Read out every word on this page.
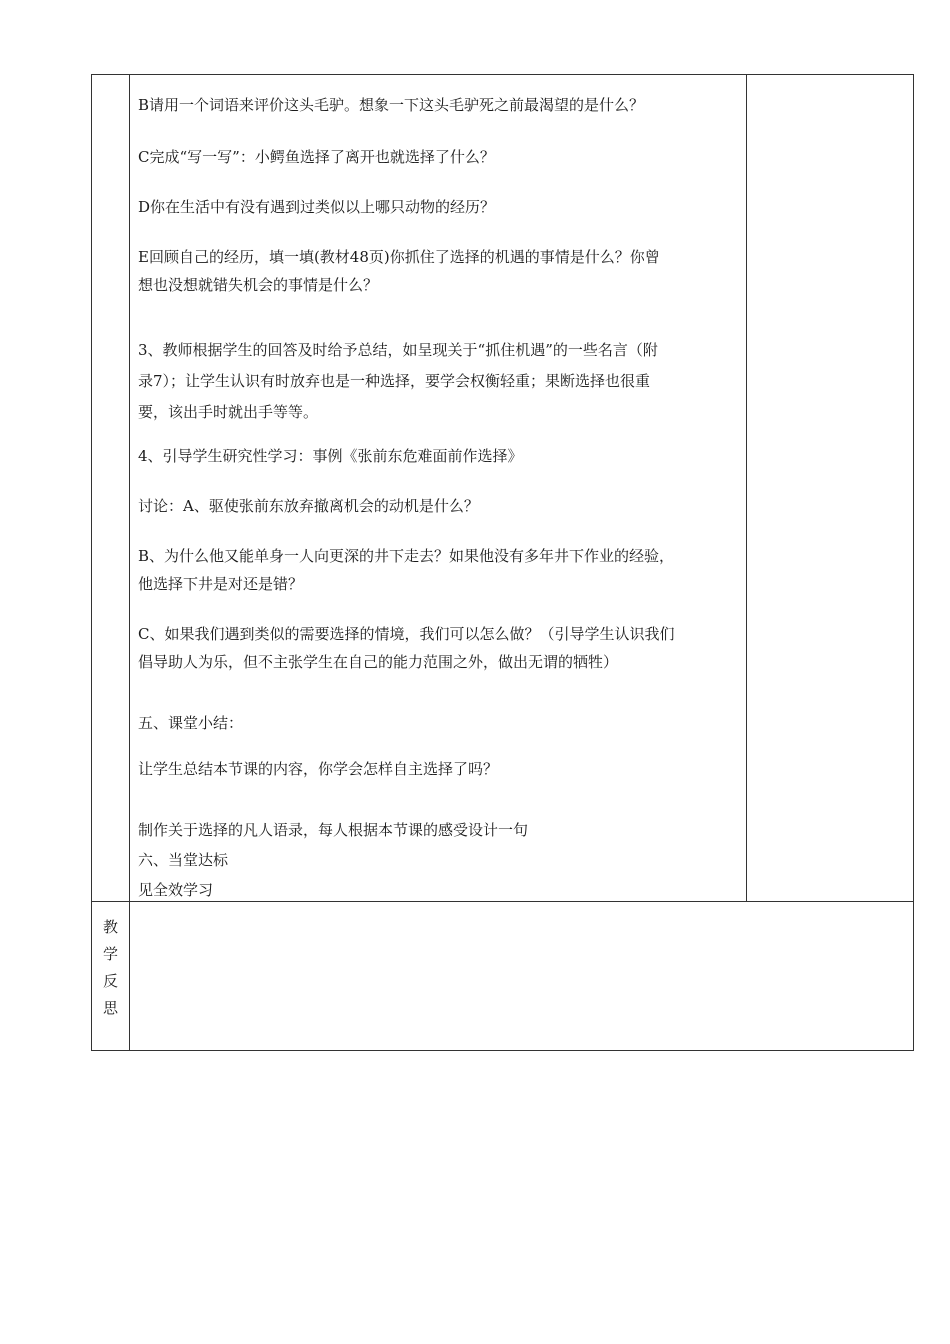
B请用一个词语来评价这头毛驴。想象一下这头毛驴死之前最渴望的是什么？

C完成“写一写”：小鳄鱼选择了离开也就选择了什么？

D你在生活中有没有遇到过类似以上哪只动物的经历？

E回顾自己的经历，填一填(教材48页)你抓住了选择的机遇的事情是什么？你曾

想也没想就错失机会的事情是什么？

3、教师根据学生的回答及时给予总结，如呈现关于“抓住机遇”的一些名言（附

录7）；让学生认识有时放弃也是一种选择，要学会权衡轻重；果断选择也很重

要，该出手时就出手等等。

4、引导学生研究性学习：事例《张前东危难面前作选择》

讨论：A、驱使张前东放弃撤离机会的动机是什么？

B、为什么他又能单身一人向更深的井下走去？如果他没有多年井下作业的经验，

他选择下井是对还是错？

C、如果我们遇到类似的需要选择的情境，我们可以怎么做？（引导学生认识我们

倡导助人为乐，但不主张学生在自己的能力范围之外，做出无谓的牺牲）

五、课堂小结：

让学生总结本节课的内容，你学会怎样自主选择了吗？

制作关于选择的凡人语录，每人根据本节课的感受设计一句

六、当堂达标

见全效学习

教
学
反
思
